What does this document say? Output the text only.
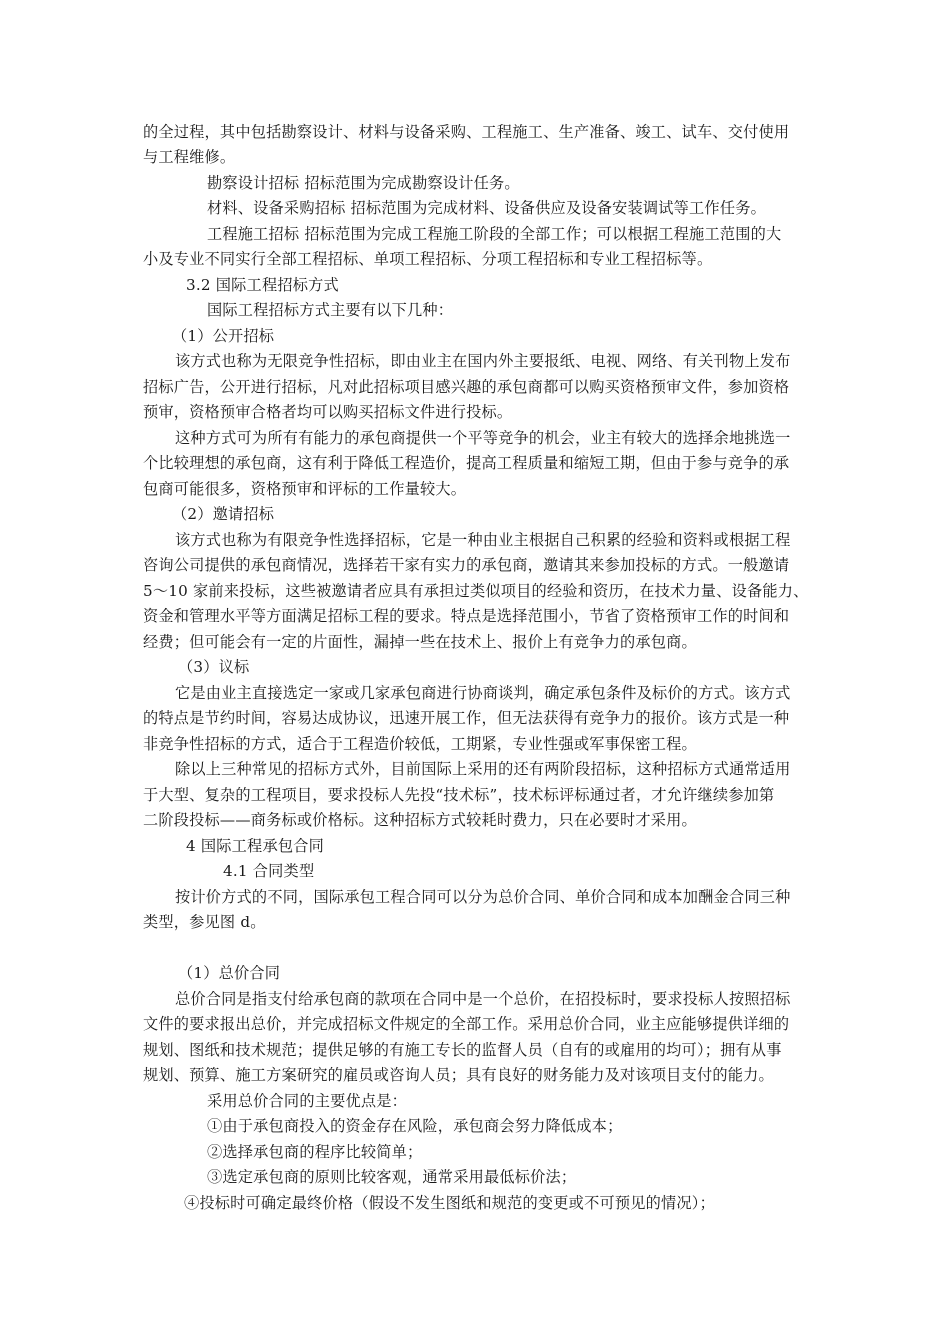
的全过程，其中包括勘察设计、材料与设备采购、工程施工、生产准备、竣工、试车、交付使用
与工程维修。
勘察设计招标 招标范围为完成勘察设计任务。
材料、设备采购招标 招标范围为完成材料、设备供应及设备安装调试等工作任务。
工程施工招标 招标范围为完成工程施工阶段的全部工作；可以根据工程施工范围的大
小及专业不同实行全部工程招标、单项工程招标、分项工程招标和专业工程招标等。
3.2 国际工程招标方式
国际工程招标方式主要有以下几种：
（1）公开招标
该方式也称为无限竞争性招标，即由业主在国内外主要报纸、电视、网络、有关刊物上发布
招标广告，公开进行招标，凡对此招标项目感兴趣的承包商都可以购买资格预审文件，参加资格
预审，资格预审合格者均可以购买招标文件进行投标。
这种方式可为所有有能力的承包商提供一个平等竞争的机会，业主有较大的选择余地挑选一
个比较理想的承包商，这有利于降低工程造价，提高工程质量和缩短工期，但由于参与竞争的承
包商可能很多，资格预审和评标的工作量较大。
（2）邀请招标
该方式也称为有限竞争性选择招标，它是一种由业主根据自己积累的经验和资料或根据工程
咨询公司提供的承包商情况，选择若干家有实力的承包商，邀请其来参加投标的方式。一般邀请
5～10 家前来投标，这些被邀请者应具有承担过类似项目的经验和资历，在技术力量、设备能力、
资金和管理水平等方面满足招标工程的要求。特点是选择范围小，节省了资格预审工作的时间和
经费；但可能会有一定的片面性，漏掉一些在技术上、报价上有竞争力的承包商。
（3）议标
它是由业主直接选定一家或几家承包商进行协商谈判，确定承包条件及标价的方式。该方式
的特点是节约时间，容易达成协议，迅速开展工作，但无法获得有竞争力的报价。该方式是一种
非竞争性招标的方式，适合于工程造价较低，工期紧，专业性强或军事保密工程。
除以上三种常见的招标方式外，目前国际上采用的还有两阶段招标，这种招标方式通常适用
于大型、复杂的工程项目，要求投标人先投“技术标”，技术标评标通过者，才允许继续参加第
二阶段投标——商务标或价格标。这种招标方式较耗时费力，只在必要时才采用。
4 国际工程承包合同
4.1 合同类型
按计价方式的不同，国际承包工程合同可以分为总价合同、单价合同和成本加酬金合同三种
类型，参见图 d。
（1）总价合同
总价合同是指支付给承包商的款项在合同中是一个总价，在招投标时，要求投标人按照招标
文件的要求报出总价，并完成招标文件规定的全部工作。采用总价合同，业主应能够提供详细的
规划、图纸和技术规范；提供足够的有施工专长的监督人员（自有的或雇用的均可）；拥有从事
规划、预算、施工方案研究的雇员或咨询人员；具有良好的财务能力及对该项目支付的能力。
采用总价合同的主要优点是：
①由于承包商投入的资金存在风险，承包商会努力降低成本；
②选择承包商的程序比较简单；
③选定承包商的原则比较客观，通常采用最低标价法；
④投标时可确定最终价格（假设不发生图纸和规范的变更或不可预见的情况）；
